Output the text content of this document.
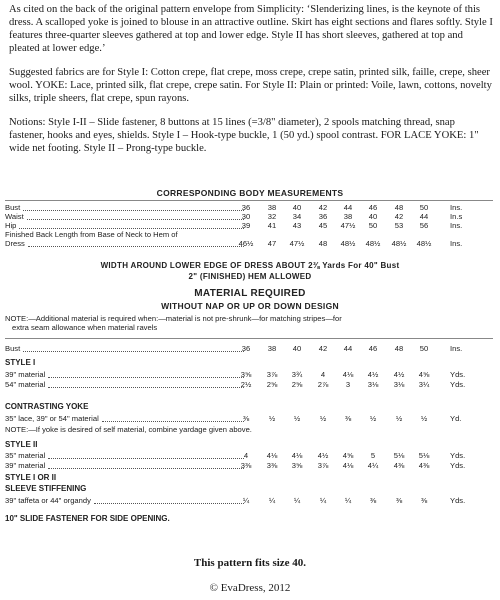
As cited on the back of the original pattern envelope from Simplicity: ‘Slenderizing lines, is the keynote of this dress. A scalloped yoke is joined to blouse in an attractive outline. Skirt has eight sections and flares softly. Style I features three-quarter sleeves gathered at top and lower edge. Style II has short sleeves, gathered at top and pleated at lower edge.’

Suggested fabrics are for Style I: Cotton crepe, flat crepe, moss crepe, crepe satin, printed silk, faille, crepe, sheer wool. YOKE: Lace, printed silk, flat crepe, crepe satin. For Style II: Plain or printed: Voile, lawn, cottons, novelty silks, triple sheers, flat crepe, spun rayons.

Notions: Style I-II – Slide fastener, 8 buttons at 15 lines (=3/8" diameter), 2 spools matching thread, snap fastener, hooks and eyes, shields. Style I – Hook-type buckle, 1 (50 yd.) spool contrast. FOR LACE YOKE: 1" wide net footing. Style II – Prong-type buckle.

CORRESPONDING BODY MEASUREMENTS
Bust	36	38	40	42	44	46	48	50	Ins.
Waist	30	32	34	36	38	40	42	44	In.s
Hip	39	41	43	45	47½	50	53	56	Ins.
Finished Back Length from Base of Neck to Hem of
Dress	46½	47	47½	48	48½	48½	48½	48½	Ins.
WIDTH AROUND LOWER EDGE OF DRESS ABOUT 2⅜ Yards For 40" Bust
2" (FINISHED) HEM ALLOWED
MATERIAL REQUIRED
WITHOUT NAP OR UP OR DOWN DESIGN
NOTE:—Additional material is required when:—material is not pre-shrunk—for matching stripes—for
extra seam allowance when material ravels
Bust	36	38	40	42	44	46	48	50	Ins.
39" material	3⅝	3⅞	3¾	4	4⅛	4½	4½	4⅝	Yds.
54" material	2½	2⅝	2⅝	2⅞	3	3⅛	3⅛	3¼	Yds.
35" lace, 39" or 54" material	⅜	½	½	½	⅜	½	½	½	Yd.
35" material	4	4⅛	4⅛	4½	4⅝	5	5⅛	5⅛	Yds.
39" material	3⅜	3⅜	3⅝	3⅞	4⅛	4¼	4⅜	4⅜	Yds.
39" taffeta or 44" organdy	¼	¼	¼	¼	¼	⅜	⅜	⅜	Yds.
STYLE I
CONTRASTING YOKE
NOTE:—If yoke is desired of self material, combine yardage given above.
STYLE II
STYLE I OR II
SLEEVE STIFFENING
10" SLIDE FASTENER FOR SIDE OPENING.
This pattern fits size 40.
© EvaDress, 2012
